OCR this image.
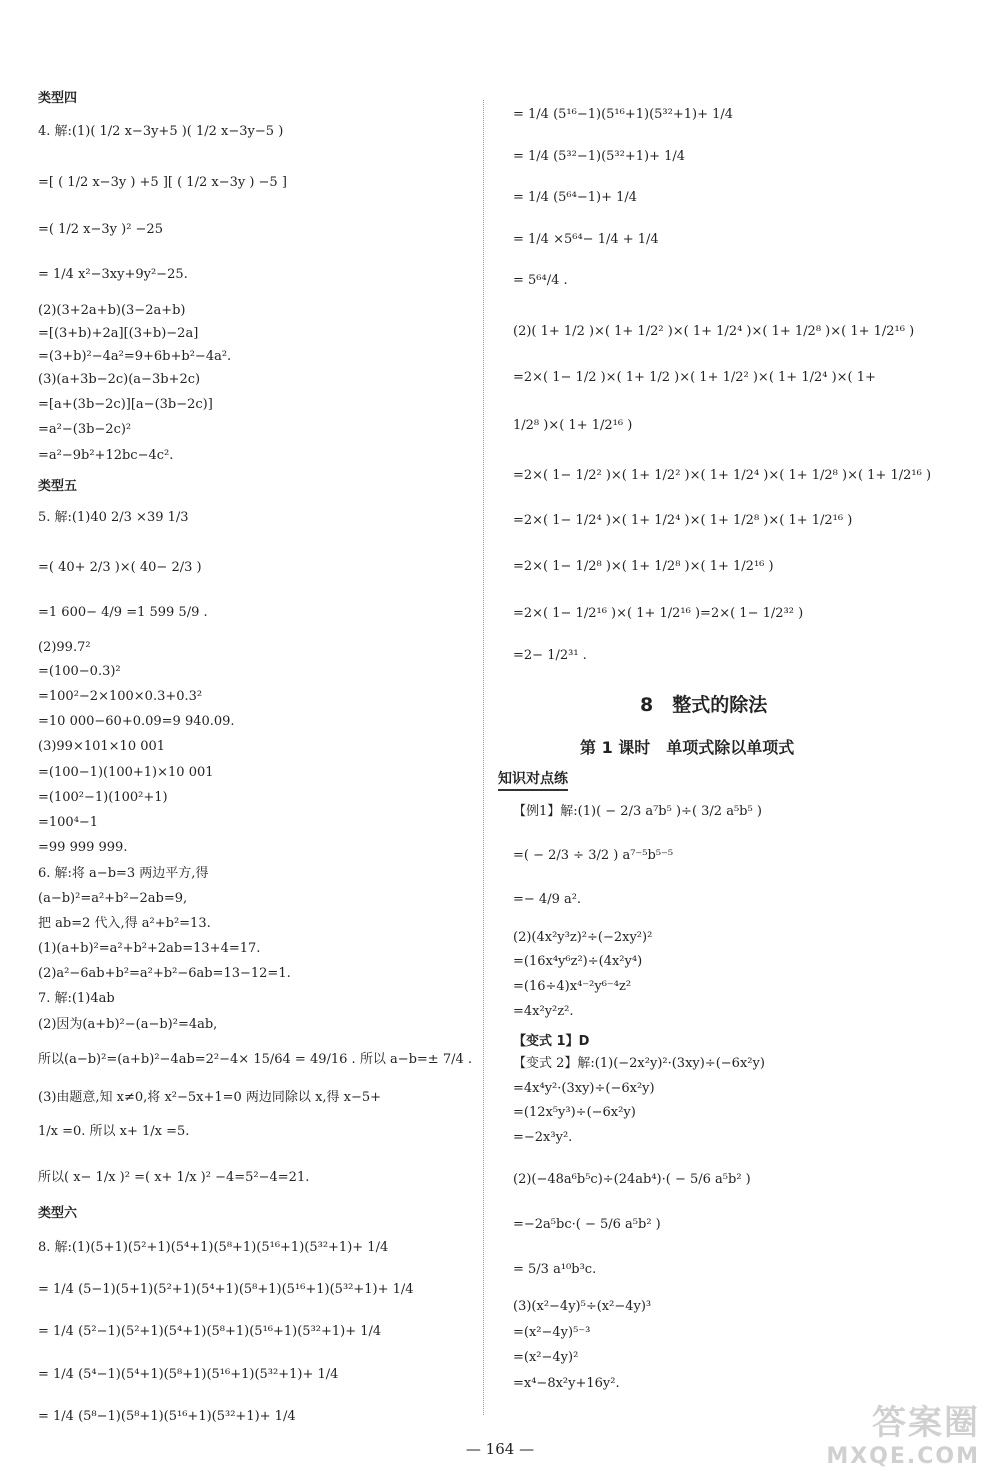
类型四
4. 解:(1)( 1/2 x−3y+5 )( 1/2 x−3y−5 )
=[ ( 1/2 x−3y ) +5 ][ ( 1/2 x−3y ) −5 ]
=( 1/2 x−3y )² −25
= 1/4 x²−3xy+9y²−25.
(2)(3+2a+b)(3−2a+b)
=[(3+b)+2a][(3+b)−2a]
=(3+b)²−4a²=9+6b+b²−4a².
(3)(a+3b−2c)(a−3b+2c)
=[a+(3b−2c)][a−(3b−2c)]
=a²−(3b−2c)²
=a²−9b²+12bc−4c².
类型五
5. 解:(1)40 2/3 ×39 1/3
=( 40+ 2/3 )×( 40− 2/3 )
=1 600− 4/9 =1 599 5/9 .
(2)99.7²
=(100−0.3)²
=100²−2×100×0.3+0.3²
=10 000−60+0.09=9 940.09.
(3)99×101×10 001
=(100−1)(100+1)×10 001
=(100²−1)(100²+1)
=100⁴−1
=99 999 999.
6. 解:将 a−b=3 两边平方,得
(a−b)²=a²+b²−2ab=9,
把 ab=2 代入,得 a²+b²=13.
(1)(a+b)²=a²+b²+2ab=13+4=17.
(2)a²−6ab+b²=a²+b²−6ab=13−12=1.
7. 解:(1)4ab
(2)因为(a+b)²−(a−b)²=4ab,
所以(a−b)²=(a+b)²−4ab=2²−4× 15/64 = 49/16 . 所以 a−b=± 7/4 .
(3)由题意,知 x≠0,将 x²−5x+1=0 两边同除以 x,得 x−5+
1/x =0. 所以 x+ 1/x =5.
所以( x− 1/x )² =( x+ 1/x )² −4=5²−4=21.
类型六
8. 解:(1)(5+1)(5²+1)(5⁴+1)(5⁸+1)(5¹⁶+1)(5³²+1)+ 1/4
= 1/4 (5−1)(5+1)(5²+1)(5⁴+1)(5⁸+1)(5¹⁶+1)(5³²+1)+ 1/4
= 1/4 (5²−1)(5²+1)(5⁴+1)(5⁸+1)(5¹⁶+1)(5³²+1)+ 1/4
= 1/4 (5⁴−1)(5⁴+1)(5⁸+1)(5¹⁶+1)(5³²+1)+ 1/4
= 1/4 (5⁸−1)(5⁸+1)(5¹⁶+1)(5³²+1)+ 1/4
= 1/4 (5¹⁶−1)(5¹⁶+1)(5³²+1)+ 1/4
= 1/4 (5³²−1)(5³²+1)+ 1/4
= 1/4 (5⁶⁴−1)+ 1/4
= 1/4 ×5⁶⁴− 1/4 + 1/4
= 5⁶⁴/4 .
(2)( 1+ 1/2 )×( 1+ 1/2² )×( 1+ 1/2⁴ )×( 1+ 1/2⁸ )×( 1+ 1/2¹⁶ )
=2×( 1− 1/2 )×( 1+ 1/2 )×( 1+ 1/2² )×( 1+ 1/2⁴ )×( 1+
1/2⁸ )×( 1+ 1/2¹⁶ )
=2×( 1− 1/2² )×( 1+ 1/2² )×( 1+ 1/2⁴ )×( 1+ 1/2⁸ )×( 1+ 1/2¹⁶ )
=2×( 1− 1/2⁴ )×( 1+ 1/2⁴ )×( 1+ 1/2⁸ )×( 1+ 1/2¹⁶ )
=2×( 1− 1/2⁸ )×( 1+ 1/2⁸ )×( 1+ 1/2¹⁶ )
=2×( 1− 1/2¹⁶ )×( 1+ 1/2¹⁶ )=2×( 1− 1/2³² )
=2− 1/2³¹ .
【例1】解:(1)( − 2/3 a⁷b⁵ )÷( 3/2 a⁵b⁵ )
=( − 2/3 ÷ 3/2 ) a⁷⁻⁵b⁵⁻⁵
=− 4/9 a².
(2)(4x²y³z)²÷(−2xy²)²
=(16x⁴y⁶z²)÷(4x²y⁴)
=(16÷4)x⁴⁻²y⁶⁻⁴z²
=4x²y²z².
【变式 1】D
【变式 2】解:(1)(−2x²y)²·(3xy)÷(−6x²y)
=4x⁴y²·(3xy)÷(−6x²y)
=(12x⁵y³)÷(−6x²y)
=−2x³y².
(2)(−48a⁶b⁵c)÷(24ab⁴)·( − 5/6 a⁵b² )
=−2a⁵bc·( − 5/6 a⁵b² )
= 5/3 a¹⁰b³c.
(3)(x²−4y)⁵÷(x²−4y)³
=(x²−4y)⁵⁻³
=(x²−4y)²
=x⁴−8x²y+16y².
8　整式的除法
第 1 课时　单项式除以单项式
知识对点练
— 164 —
答案圈
MXQE.COM
